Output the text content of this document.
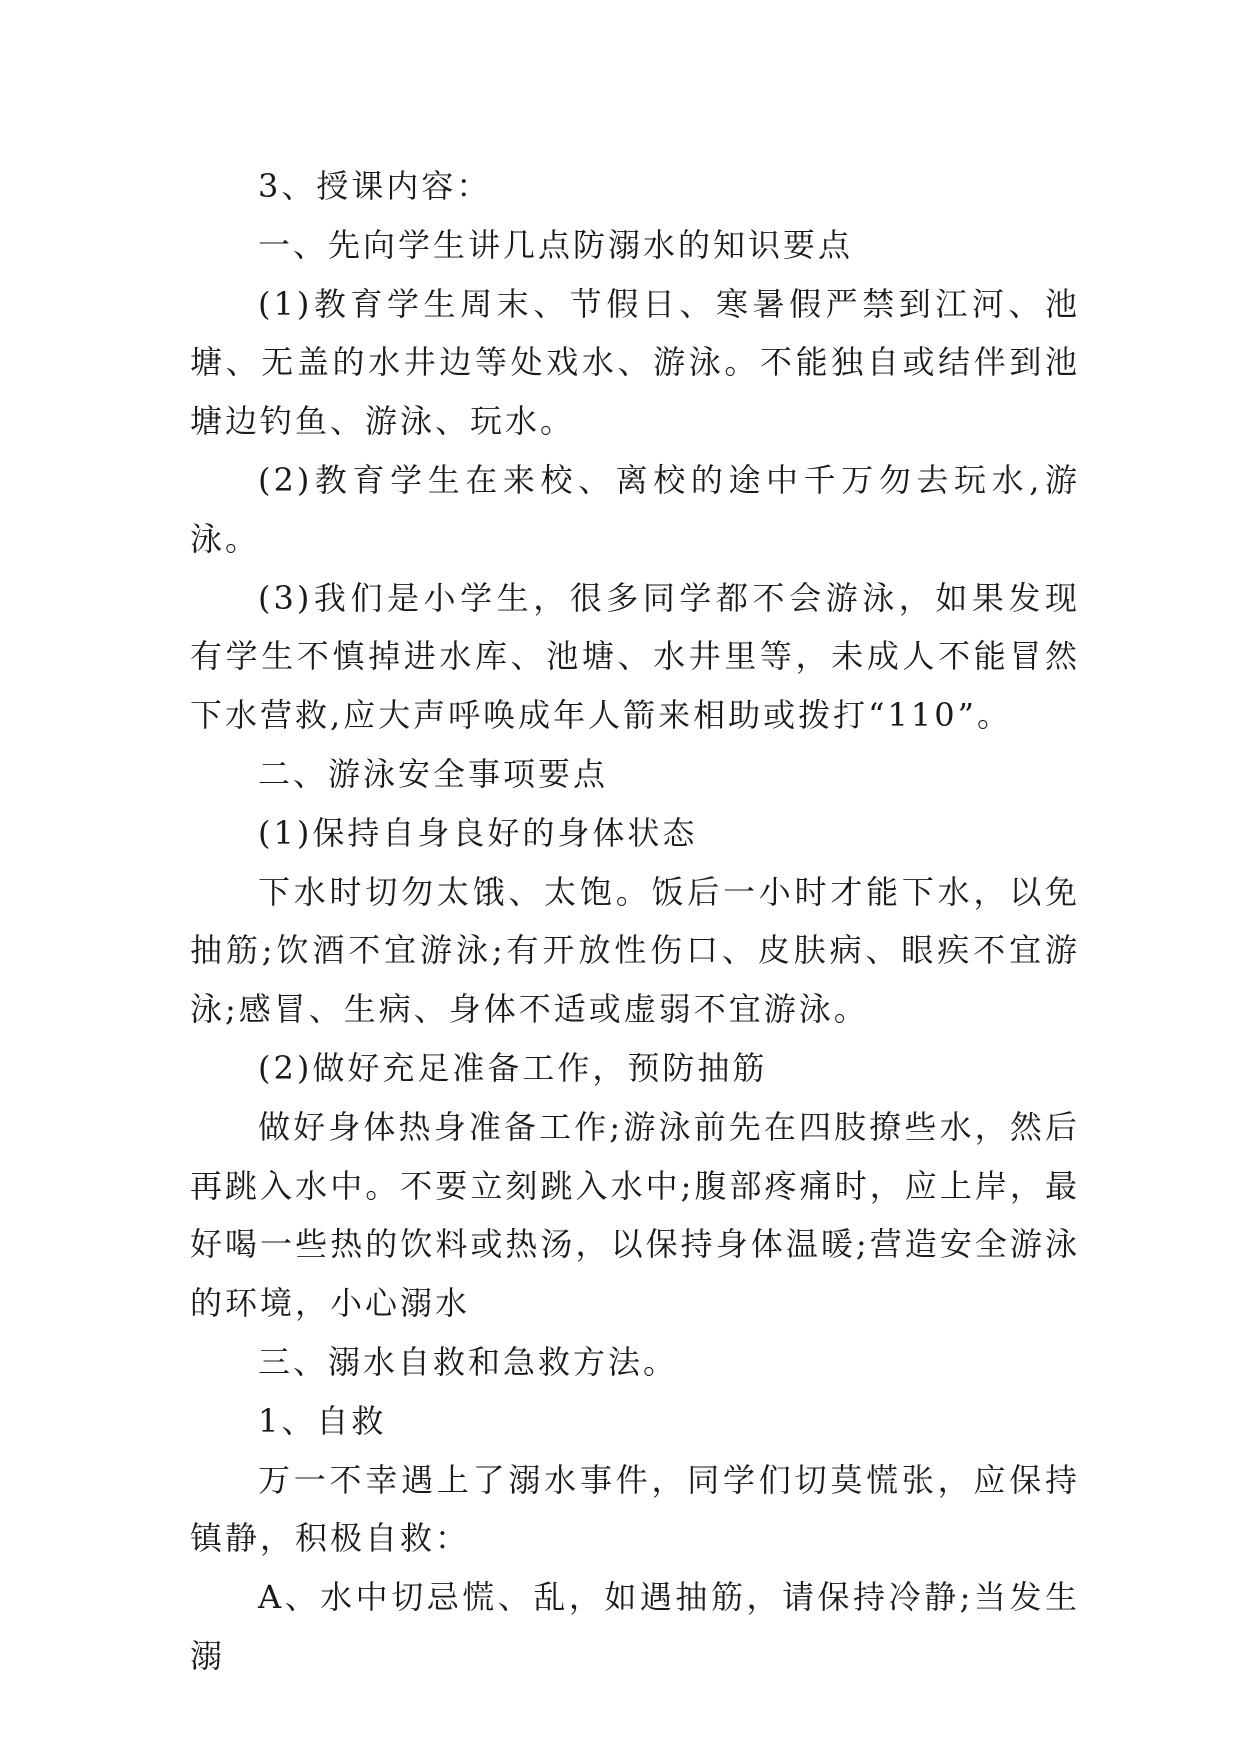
3、授课内容：

一、先向学生讲几点防溺水的知识要点

(1)教育学生周末、节假日、寒暑假严禁到江河、池塘、无盖的水井边等处戏水、游泳。不能独自或结伴到池塘边钓鱼、游泳、玩水。

(2)教育学生在来校、离校的途中千万勿去玩水,游泳。

(3)我们是小学生，很多同学都不会游泳，如果发现有学生不慎掉进水库、池塘、水井里等，未成人不能冒然下水营救,应大声呼唤成年人箭来相助或拨打“110”。

二、游泳安全事项要点

(1)保持自身良好的身体状态

下水时切勿太饿、太饱。饭后一小时才能下水，以免抽筋;饮酒不宜游泳;有开放性伤口、皮肤病、眼疾不宜游泳;感冒、生病、身体不适或虚弱不宜游泳。

(2)做好充足准备工作，预防抽筋

做好身体热身准备工作;游泳前先在四肢撩些水，然后再跳入水中。不要立刻跳入水中;腹部疼痛时，应上岸，最好喝一些热的饮料或热汤，以保持身体温暖;营造安全游泳的环境，小心溺水

三、溺水自救和急救方法。

1、自救

万一不幸遇上了溺水事件，同学们切莫慌张，应保持镇静，积极自救：

A、水中切忌慌、乱，如遇抽筋，请保持冷静;当发生溺
